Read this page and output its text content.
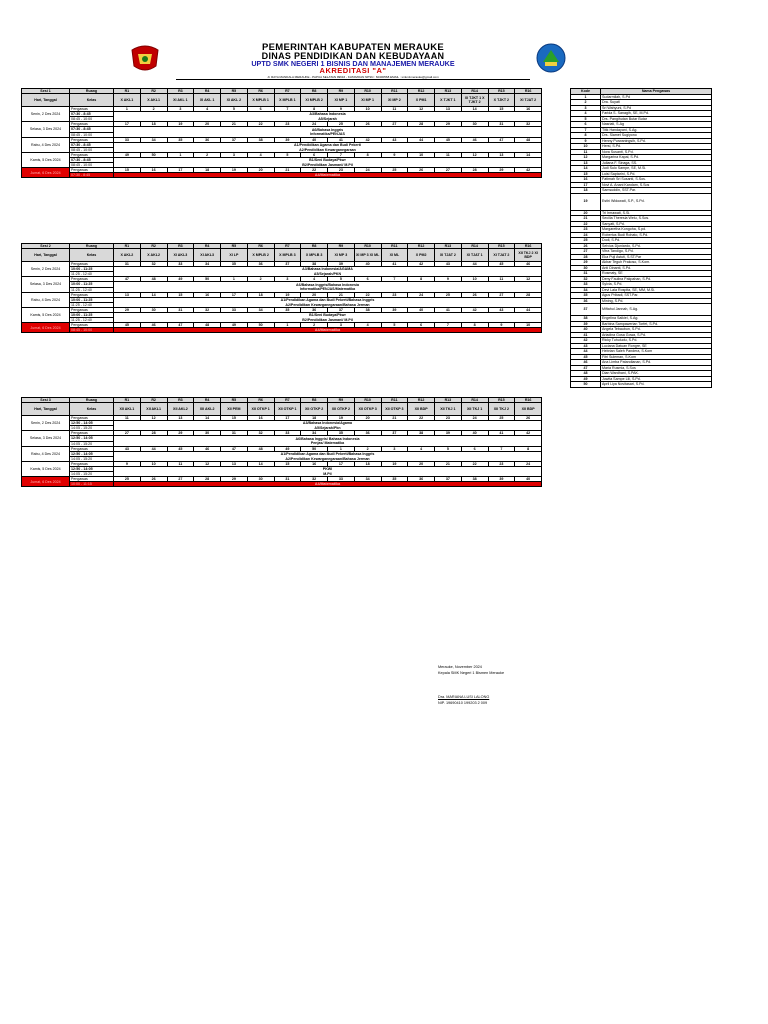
PEMERINTAH KABUPATEN MERAUKE
DINAS PENDIDIKAN DAN KEBUDAYAAN
UPTD SMK NEGERI 1 BISNIS DAN MANAJEMEN MERAUKE
AKREDITASI "A"
Jl. RAYA MANDALA MERAUKE - PAPUA SELATAN 99616 - KATAMOAN NPSN : 60400568 EMAIL : smkn1merauke@gmail.com
Sesi 1	Ruang	R1	R2	R3	R4	R5	R6	R7	R8	R9	R10	R11	R12	R13	R14	R15	R16
Hari, Tanggal	Kelas	X AKL1	X AKL1	XI AKL 1	XI AKL 1	XI AKL 2	X MPLB 1	X MPLB 1	XI MPLB 2	XI MP 1	XI MP 1	XI MP 2	X PM1	X TJKT 1	XI TJKT 1 X TJKT 2	X TJKT 2	XI TJAT 2
Senin, 2 Des 2024	Pengawas	1	2	3	4	5	6	7	8	9	10	11	12	13	14	15	16
	07:30 - 8:45	A3/Bahasa Indonesia															
	08:45 - 10:00	A5/Sejarah															
Selasa, 3 Des 2024	Pengawas	17	18	19	20	21	22	23	24	25	26	27	28	29	30	31	32
	07:30 - 8:45	A6/Bahasa Inggris															
	08:45 - 10:00	Informatika/PENJAS															
Rabu, 4 Des 2024	Pengawas	33	34	35	36	37	38	39	40	41	42	43	44	45	46	47	48
	07:30 - 8:45	A1/Pendidikan Agama dan Budi Pekerti															
	08:45 - 10:00	A2/Pendidikan Kewarganegaraan															
Kamis, 5 Des 2024	Pengawas	49	50	1	2	3	4	5	6	7	8	9	10	11	12	13	14
	07:30 - 8:45	B1/Seni Budaya/Pkwr															
	08:45 - 10:00	B2/Pendidikan Jasmani/ M.Pil															
Jumat, 6 Des 2024	Pengawas	15	16	17	18	19	20	21	22	23	24	25	26	27	28	29	42
	07:30 - 8:45	A4/Matematika															
Sesi 2	Ruang	R1	R2	R3	R4	R5	R6	R7	R8	R9	R10	R11	R12	R13	R14	R15	R16
Hari, Tanggal	Kelas	X AKL2	X AKL2	XI AKL3	XI AKL3	XI LP	X MPLB 2	X MPLB 3	X MPLB 3	XI MP 3	XI MP 3 XI ML	XI ML	X PM2	XI TJAT 2	XI TJAT 1	XI TJAT 2	XII TKJ 2 XI BDP
Senin, 2 Des 2024	Pengawas	31	32	33	34	35	36	37	38	39	40	41	42	43	44	45	46
	10:00 - 11:25	A3/Bahasa Indonesia/AGAMA															
	11:25 - 12:40	A5/Sejarah/PKN															
Selasa, 3 Des 2024	Pengawas	47	48	49	50	1	2	3	4	5	6	7	8	9	10	11	12
	10:00 - 11:25	A6/Bahasa Inggris/Bahasa Indonesia															
	11:25 - 12:40	Informatika/PENJAS/Matematika															
Rabu, 4 Des 2024	Pengawas	13	14	15	16	17	18	19	20	21	22	23	24	25	26	27	28
	10:00 - 11:25	A1/Pendidikan Agama dan Budi Pekerti/Bahasa Inggris															
	11:25 - 12:40	A2/Pendidikan Kewarganegaraan/Bahasa Jerman															
Kamis, 5 Des 2024	Pengawas	29	30	31	32	33	34	35	36	37	38	39	40	41	42	43	44
	10:00 - 11:25	B1/Seni Budaya/Pkwr															
	11:25 - 12:40	B2/Pendidikan Jasmani/ M.Pil															
Jumat, 6 Des 2024	Pengawas	45	46	47	48	49	50	1	2	3	4	5	6	7	8	9	10
	08:45 - 10:00	A4/Matematika															
Sesi 3	Ruang	R1	R2	R3	R4	R5	R6	R7	R8	R9	R10	R11	R12	R13	R14	R15	R16
Hari, Tanggal	Kelas	XII AKL1	XII AKL1	XII AKL2	XII AKL2	XII PEM	XII OTKP 1	XII OTKP 1	XII OTKP 2	XII OTKP 2	XII OTKP 3	XII OTKP 3	XII BDP	XII TKJ 1	XII TKJ 1	XII TKJ 2	XII BDP
Senin, 2 Des 2024	Pengawas	11	12	13	14	15	16	17	18	19	20	21	22	23	24	25	26
	12:50 - 14:05	A3/Bahasa Indonesia/Agama															
	14:05 - 15:20	A5/Sejarah/Pkn															
Selasa, 3 Des 2024	Pengawas	27	28	29	30	31	32	33	34	35	36	37	38	39	40	41	42
	12:50 - 14:05	A6/Bahasa Inggris/ Bahasa Indonesia															
	14:05 - 15:20	Penjas/ Matematika															
Rabu, 4 Des 2024	Pengawas	43	44	45	46	47	48	49	50	1	2	3	4	5	6	7	8
	12:50 - 14:05	A1/Pendidikan Agama dan Budi Pekerti/Bahasa Inggris															
	14:05 - 15:20	A2/Pendidikan Kewarganegaraan/Bahasa Jerman															
Kamis, 5 Des 2024	Pengawas	9	10	11	12	13	14	15	16	17	18	19	20	21	22	23	24
	12:50 - 14:05	PKWI															
	14:05 - 15:20	M.Pil															
Jumat, 6 Des 2024	Pengawas	25	26	27	28	29	30	31	32	33	34	35	36	37	38	39	40
	10:00 - 11:15	A4/Matematika															
Kode	Nama Pengawas
1	Sudarmilah, S.Pd
2	Dra. Suyati
3	Sri Wahyuni, S.Pd
4	Farida S. Sanagih, SE, M.Pd.
5	Drs. Pangihutan Butar Butar
6	Nasriati, S.Ag
7	Titik Handayani, S.Ag.
8	Drs. Slamet Sugiyono
9	Henny Purwaningsih, S.Pd.
10	Hersi, S.Pd.
11	Nora Susanti, S.Pd.
12	Margarina Kapal, S.Pd.
13	Juliana F. Sinaga, SS.
14	Judi Sulo Sampe, SE, M.Si.
15	Luisi Saptarini, S.Pd.
16	Fatimah Sri Susanti, S.Sos.
17	Novi A. Anani Kandam, S.Sos
18	Samsuddin, SST.Par.
19	Esthi Widowati, S.P., S.Pd.
20	Tri Irmawati, S.Si.
21	Secilia Theresia Welu, S.Sos.
22	Sanyati, S.Pd.
23	Margaretha Kongoha, S.pd.
24	Robertus Budi Rohato, S.Pd.
25	Dodi, S.Pd.
26	Selvius Djuniardo, S.Pd.
27	Vitra Tandigo, S.Pd.
28	Eka Puji Astuti, S.ST.Par
29	Akbar Teguh Prakoso, S.Kom.
30	Anti Dinanti, S.Pd.
31	Rosmaty, SE
32	Deny Faulina Pakpahan, S.Pd.
33	Sylvia, S.Pd.
34	Devi Lala Rospita, SE, MM, M.Si.
35	Agus Pribadi, SST.Par.
36	Mining, S.Pd.
37	Miftahul Jannah, S.Ag.
38	Engelina Saikiel, S.Ag.
39	Barbina Sampawerian Torfet, S.Pd.
40	Angela Tebaubun, S.Pd.
41	Arladina Gosa Gowa, S.Pd.
42	Ricky Tuhuludu, S.Pd.
43	Luciana Datuan Rongre, SE
44	Hebrian Saleh Pandera, S.Kom
45	Fitri Suleman, S.Kom
46	Ana Limba Patandianan, S.Pd.
47	Maria Rusmia, S.Sos
48	Dian Wardhani, S.PAK.
49	Juwita Sampe Lili, S.Pd.
50	April Liya Novitasari, S.Pd.
Merauke, November 2024
Kepala SMK Negeri 1 Bismen Merauke
Dra. MARIANA LUSI LALONG
NIP. 19690410 199203 2 009
